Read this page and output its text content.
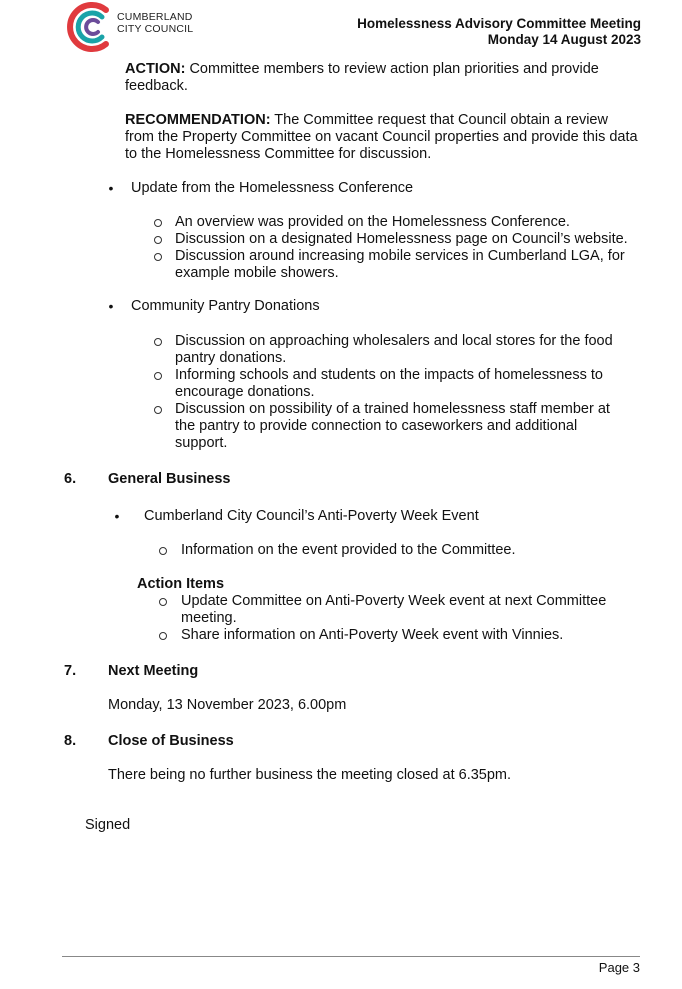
CUMBERLAND
CITY COUNCIL	Homelessness Advisory Committee Meeting
Monday 14 August 2023
ACTION: Committee members to review action plan priorities and provide
feedback.
RECOMMENDATION: The Committee request that Council obtain a review
from the Property Committee on vacant Council properties and provide this data
to the Homelessness Committee for discussion.
• Update from the Homelessness Conference
An overview was provided on the Homelessness Conference.
Discussion on a designated Homelessness page on Council’s website.
Discussion around increasing mobile services in Cumberland LGA, for
example mobile showers.
• Community Pantry Donations
Discussion on approaching wholesalers and local stores for the food
pantry donations.
Informing schools and students on the impacts of homelessness to
encourage donations.
Discussion on possibility of a trained homelessness staff member at
the pantry to provide connection to caseworkers and additional
support.
6. General Business
• Cumberland City Council’s Anti-Poverty Week Event
Information on the event provided to the Committee.
Action Items
Update Committee on Anti-Poverty Week event at next Committee
meeting.
Share information on Anti-Poverty Week event with Vinnies.
7. Next Meeting
Monday, 13 November 2023, 6.00pm
8. Close of Business
There being no further business the meeting closed at 6.35pm.
Signed
Page 3
